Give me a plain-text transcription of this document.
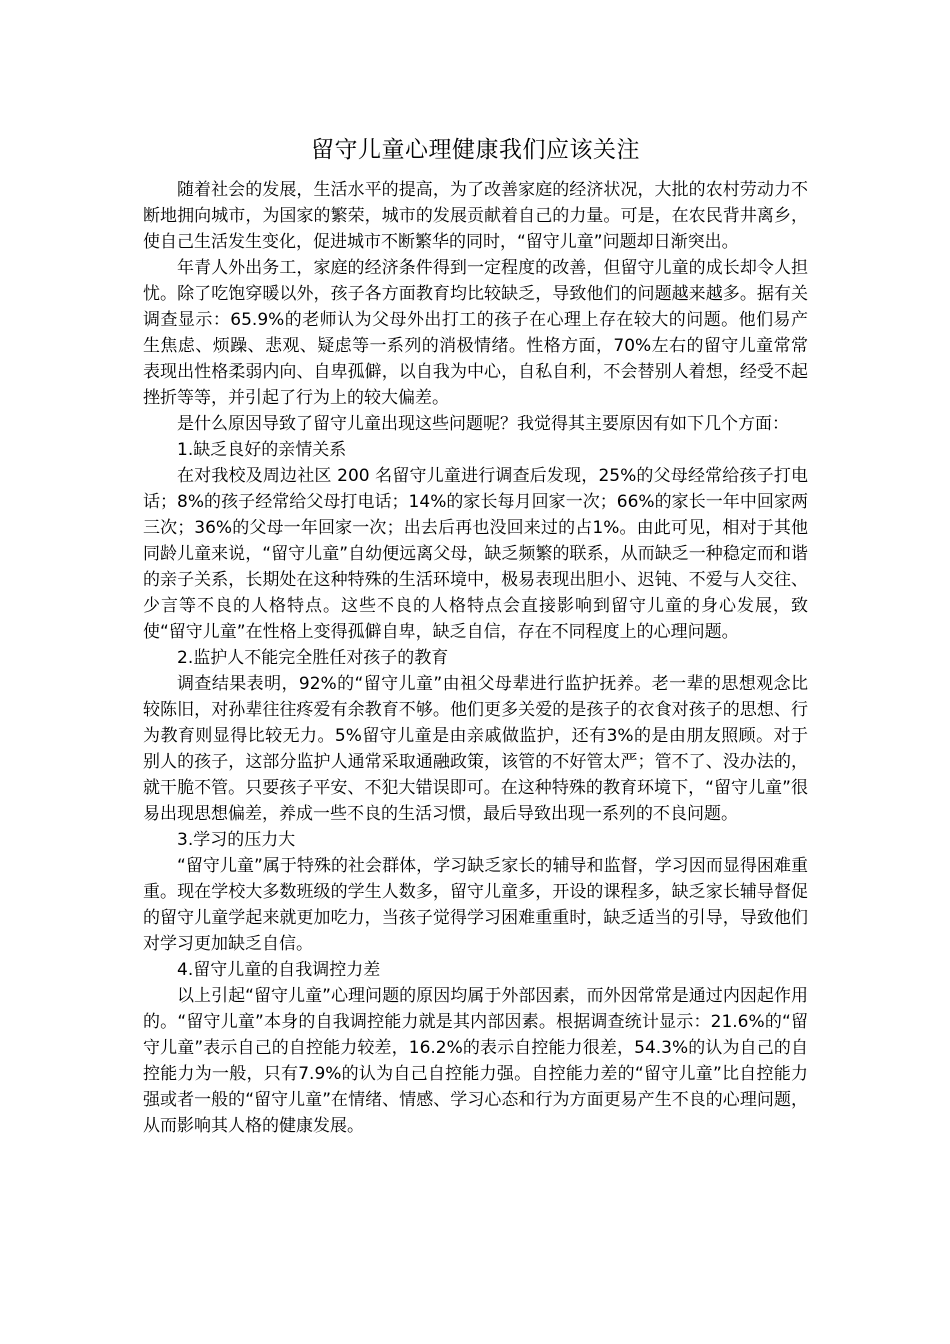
留守儿童心理健康我们应该关注

随着社会的发展，生活水平的提高，为了改善家庭的经济状况，大批的农村劳动力不断地拥向城市，为国家的繁荣，城市的发展贡献着自己的力量。可是，在农民背井离乡，使自己生活发生变化，促进城市不断繁华的同时，“留守儿童”问题却日渐突出。

年青人外出务工，家庭的经济条件得到一定程度的改善，但留守儿童的成长却令人担忧。除了吃饱穿暖以外，孩子各方面教育均比较缺乏，导致他们的问题越来越多。据有关调查显示：65.9%的老师认为父母外出打工的孩子在心理上存在较大的问题。他们易产生焦虑、烦躁、悲观、疑虑等一系列的消极情绪。性格方面，70%左右的留守儿童常常表现出性格柔弱内向、自卑孤僻，以自我为中心，自私自利，不会替别人着想，经受不起挫折等等，并引起了行为上的较大偏差。

是什么原因导致了留守儿童出现这些问题呢？我觉得其主要原因有如下几个方面：

1.缺乏良好的亲情关系

在对我校及周边社区 200 名留守儿童进行调查后发现，25%的父母经常给孩子打电话；8%的孩子经常给父母打电话；14%的家长每月回家一次；66%的家长一年中回家两三次；36%的父母一年回家一次；出去后再也没回来过的占1%。由此可见，相对于其他同龄儿童来说，“留守儿童”自幼便远离父母，缺乏频繁的联系，从而缺乏一种稳定而和谐的亲子关系，长期处在这种特殊的生活环境中，极易表现出胆小、迟钝、不爱与人交往、少言等不良的人格特点。这些不良的人格特点会直接影响到留守儿童的身心发展，致使“留守儿童”在性格上变得孤僻自卑，缺乏自信，存在不同程度上的心理问题。

2.监护人不能完全胜任对孩子的教育

调查结果表明，92%的“留守儿童”由祖父母辈进行监护抚养。老一辈的思想观念比较陈旧，对孙辈往往疼爱有余教育不够。他们更多关爱的是孩子的衣食对孩子的思想、行为教育则显得比较无力。5%留守儿童是由亲戚做监护，还有3%的是由朋友照顾。对于别人的孩子，这部分监护人通常采取通融政策，该管的不好管太严；管不了、没办法的，就干脆不管。只要孩子平安、不犯大错误即可。在这种特殊的教育环境下，“留守儿童”很易出现思想偏差，养成一些不良的生活习惯，最后导致出现一系列的不良问题。

3.学习的压力大

“留守儿童”属于特殊的社会群体，学习缺乏家长的辅导和监督，学习因而显得困难重重。现在学校大多数班级的学生人数多，留守儿童多，开设的课程多，缺乏家长辅导督促的留守儿童学起来就更加吃力，当孩子觉得学习困难重重时，缺乏适当的引导，导致他们对学习更加缺乏自信。

4.留守儿童的自我调控力差

以上引起“留守儿童”心理问题的原因均属于外部因素，而外因常常是通过内因起作用的。“留守儿童”本身的自我调控能力就是其内部因素。根据调查统计显示：21.6%的“留守儿童”表示自己的自控能力较差，16.2%的表示自控能力很差，54.3%的认为自己的自控能力为一般，只有7.9%的认为自己自控能力强。自控能力差的“留守儿童”比自控能力强或者一般的“留守儿童”在情绪、情感、学习心态和行为方面更易产生不良的心理问题，从而影响其人格的健康发展。
